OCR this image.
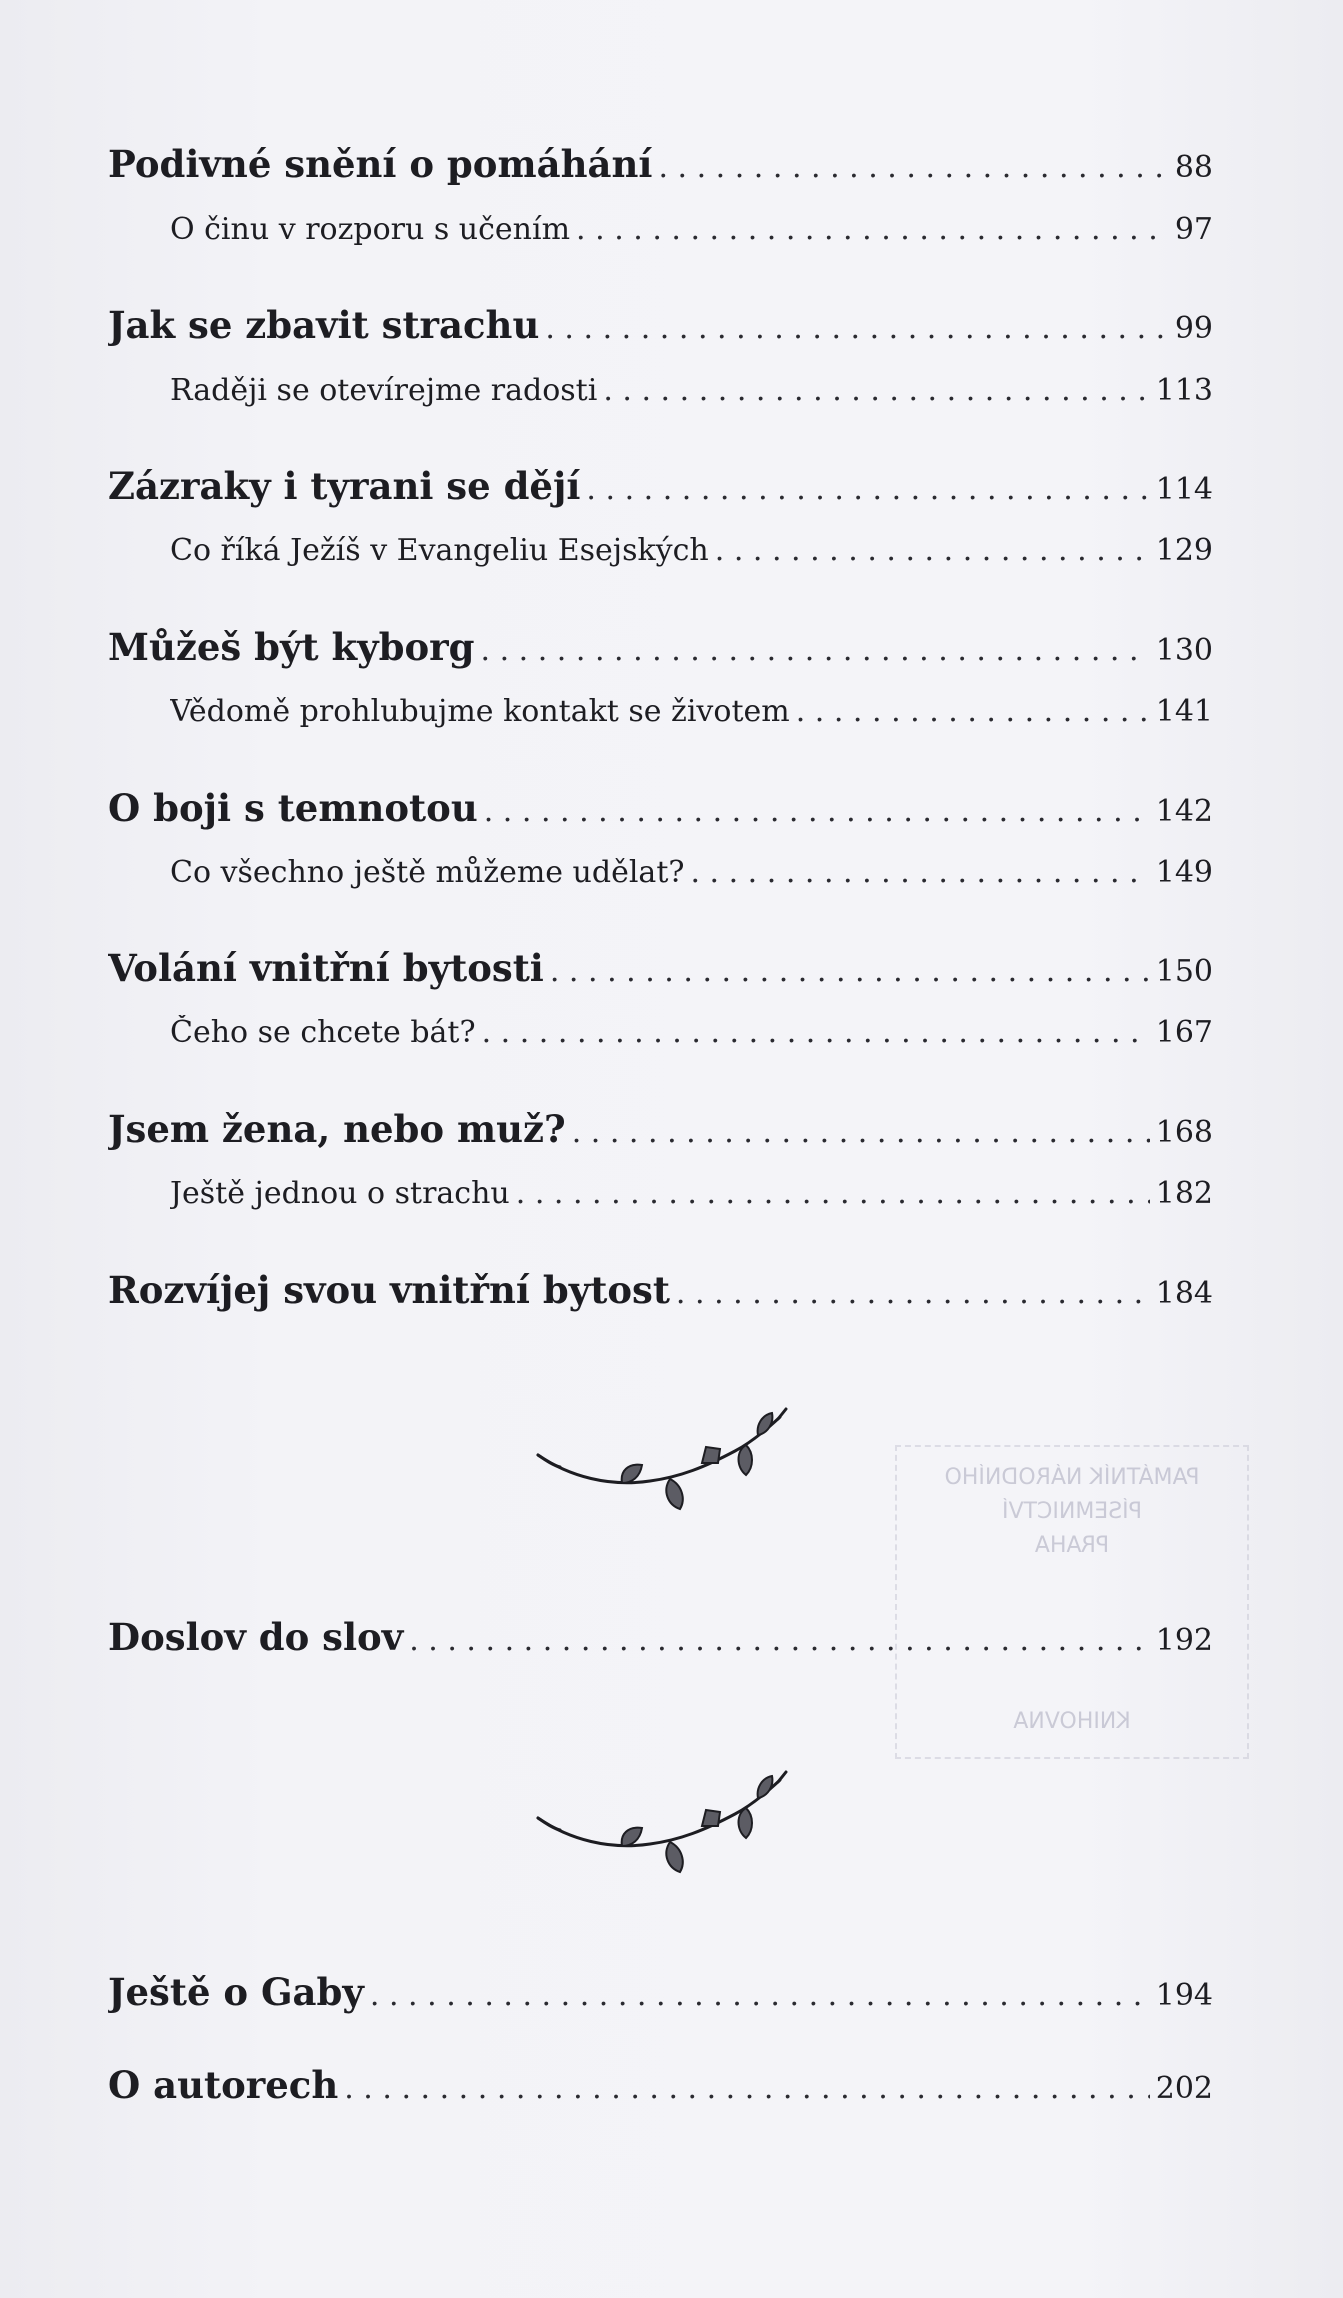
PAMÁTNÍK NÁRODNÍHO
PÍSEMNICTVÍ
PRAHA
KNIHOVNA
Podivné snění o pomáhání . . .	88
O činu v rozporu s učením . . .	97
Jak se zbavit strachu . . .	99
Raději se otevírejme radosti . . .	113
Zázraky i tyrani se dějí . . .	114
Co říká Ježíš v Evangeliu Esejských . . .	129
Můžeš být kyborg . . .	130
Vědomě prohlubujme kontakt se životem . . .	141
O boji s temnotou . . .	142
Co všechno ještě můžeme udělat? . . .	149
Volání vnitřní bytosti . . .	150
Čeho se chcete bát? . . .	167
Jsem žena, nebo muž? . . .	168
Ještě jednou o strachu . . .	182
Rozvíjej svou vnitřní bytost . . .	184
Doslov do slov . . .	192
Ještě o Gaby . . .	194
O autorech . . .	202
